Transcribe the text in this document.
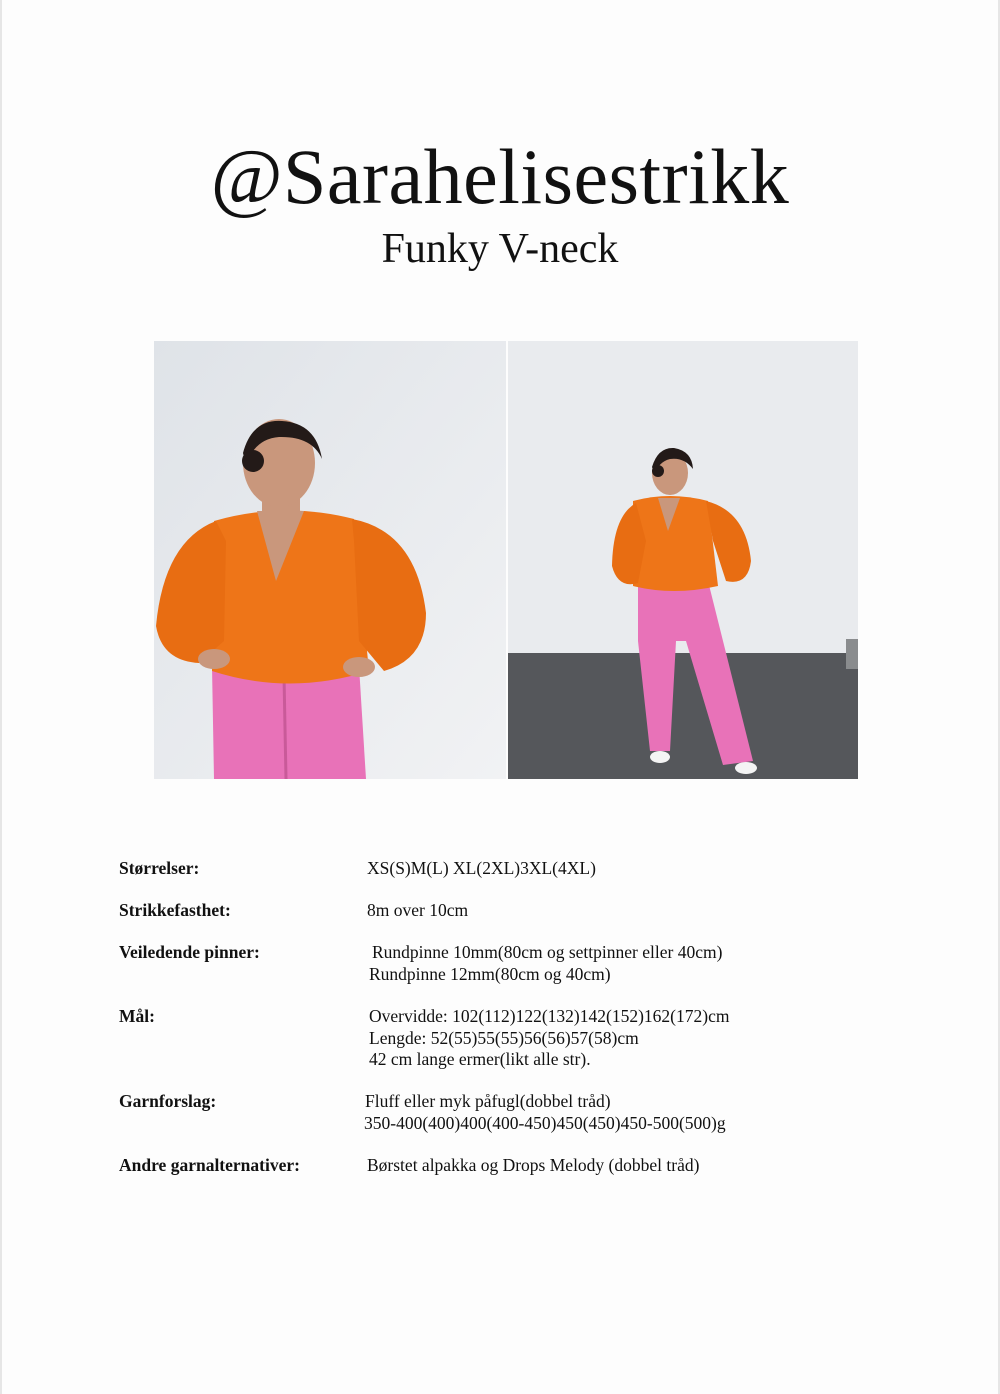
@Sarahelisestrikk
Funky V-neck
Størrelser:	XS(S)M(L) XL(2XL)3XL(4XL)
Strikkefasthet:	8m over 10cm
Veiledende pinner:	Rundpinne 10mm(80cm og settpinner eller 40cm)
Rundpinne 12mm(80cm og 40cm)
Mål:	Overvidde: 102(112)122(132)142(152)162(172)cm
Lengde: 52(55)55(55)56(56)57(58)cm
42 cm lange ermer(likt alle str).
Garnforslag:	Fluff eller myk påfugl(dobbel tråd)
350-400(400)400(400-450)450(450)450-500(500)g
Andre garnalternativer:	Børstet alpakka og Drops Melody (dobbel tråd)
